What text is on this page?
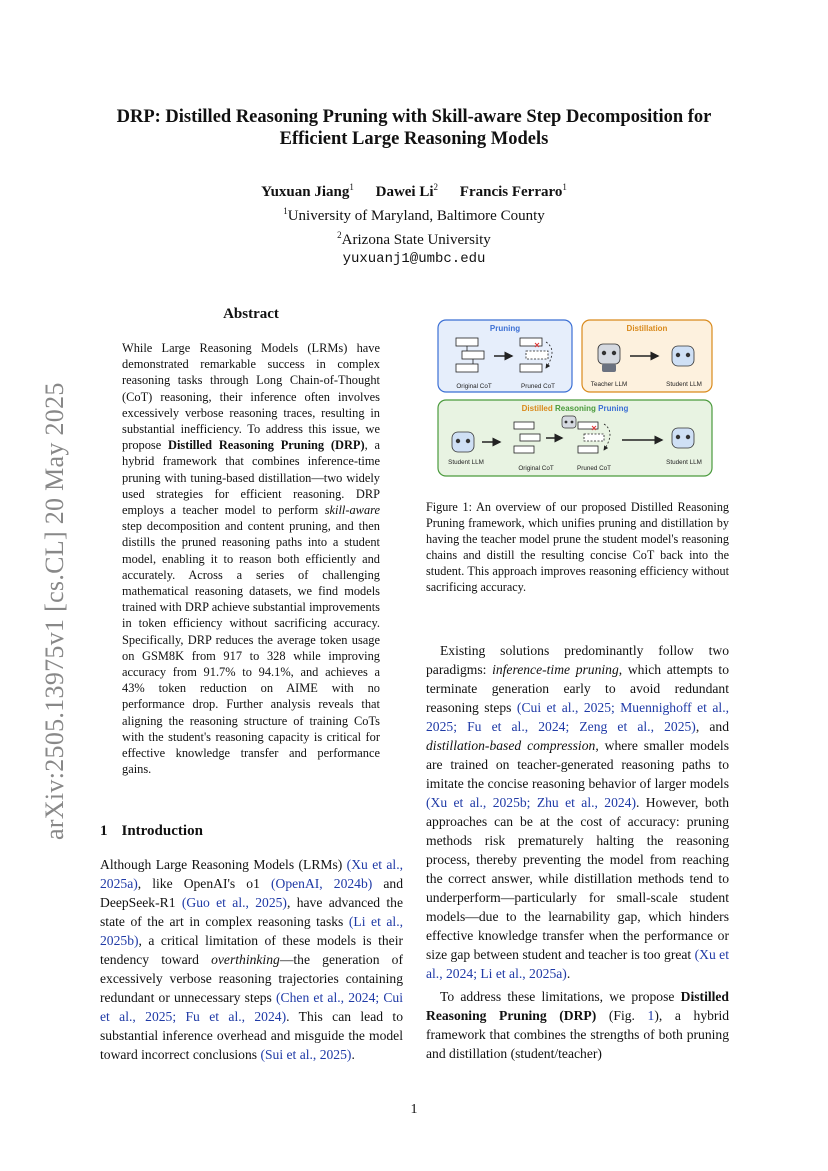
DRP: Distilled Reasoning Pruning with Skill-aware Step Decomposition for
Efficient Large Reasoning Models
Yuxuan Jiang$^1$ Dawei Li$^2$ Francis Ferraro$^1$
$^1$University of Maryland, Baltimore County
$^2$Arizona State University
yuxuanj1@umbc.edu
arXiv:2505.13975v1 [cs.CL] 20 May 2025
Abstract
While Large Reasoning Models (LRMs) have demonstrated remarkable success in complex reasoning tasks through Long Chain-of-Thought (CoT) reasoning, their inference often involves excessively verbose reasoning traces, resulting in substantial inefficiency. To address this issue, we propose Distilled Reasoning Pruning (DRP), a hybrid framework that combines inference-time pruning with tuning-based distillation—two widely used strategies for efficient reasoning. DRP employs a teacher model to perform skill-aware step decomposition and content pruning, and then distills the pruned reasoning paths into a student model, enabling it to reason both efficiently and accurately. Across a series of challenging mathematical reasoning datasets, we find models trained with DRP achieve substantial improvements in token efficiency without sacrificing accuracy. Specifically, DRP reduces the average token usage on GSM8K from 917 to 328 while improving accuracy from 91.7% to 94.1%, and achieves a 43% token reduction on AIME with no performance drop. Further analysis reveals that aligning the reasoning structure of training CoTs with the student's reasoning capacity is critical for effective knowledge transfer and performance gains.
1 Introduction

Although Large Reasoning Models (LRMs) (Xu et al., 2025a), like OpenAI's o1 (OpenAI, 2024b) and DeepSeek-R1 (Guo et al., 2025), have advanced the state of the art in complex reasoning tasks (Li et al., 2025b), a critical limitation of these models is their tendency toward overthinking—the generation of excessively verbose reasoning trajectories containing redundant or unnecessary steps (Chen et al., 2024; Cui et al., 2025; Fu et al., 2024). This can lead to substantial inference overhead and misguide the model toward incorrect conclusions (Sui et al., 2025).

Pruning
Original CoT	Pruned CoT
Distillation
Teacher LLM	Student LLM
Distilled Reasoning Pruning
Student LLM
Original CoT	Pruned CoT
Student LLM
Figure 1: An overview of our proposed Distilled Reasoning Pruning framework, which unifies pruning and distillation by having the teacher model prune the student model's reasoning chains and distill the resulting concise CoT back into the student. This approach improves reasoning efficiency without sacrificing accuracy.

Existing solutions predominantly follow two paradigms: inference-time pruning, which attempts to terminate generation early to avoid redundant reasoning steps (Cui et al., 2025; Muennighoff et al., 2025; Fu et al., 2024; Zeng et al., 2025), and distillation-based compression, where smaller models are trained on teacher-generated reasoning paths to imitate the concise reasoning behavior of larger models (Xu et al., 2025b; Zhu et al., 2024). However, both approaches can be at the cost of accuracy: pruning methods risk prematurely halting the reasoning process, thereby preventing the model from reaching the correct answer, while distillation methods tend to underperform—particularly for small-scale student models—due to the learnability gap, which hinders effective knowledge transfer when the performance or size gap between student and teacher is too great (Xu et al., 2024; Li et al., 2025a).

To address these limitations, we propose Distilled Reasoning Pruning (DRP) (Fig. 1), a hybrid framework that combines the strengths of both pruning and distillation (student/teacher)

1
